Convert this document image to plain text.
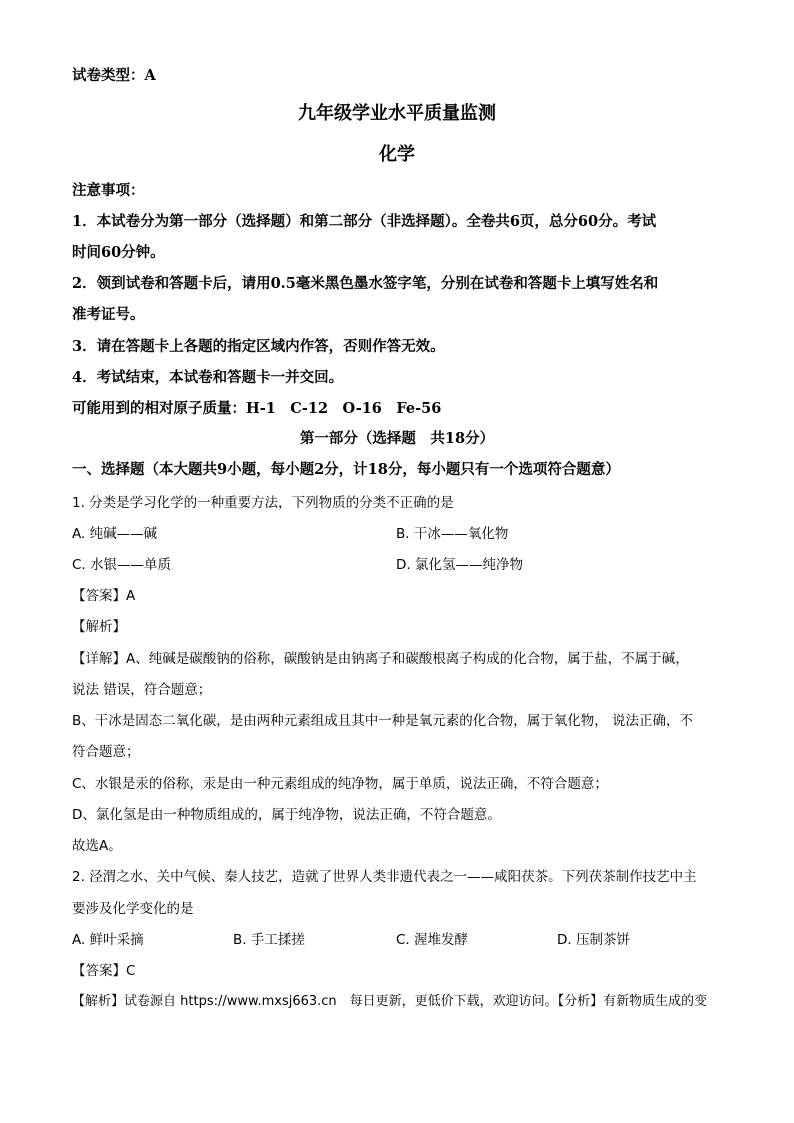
试卷类型：A
九年级学业水平质量监测
化学
注意事项：
1．本试卷分为第一部分（选择题）和第二部分（非选择题）。全卷共6页，总分60分。考试
时间60分钟。
2．领到试卷和答题卡后，请用0.5毫米黑色墨水签字笔，分别在试卷和答题卡上填写姓名和
准考证号。
3．请在答题卡上各题的指定区域内作答，否则作答无效。
4．考试结束，本试卷和答题卡一并交回。
可能用到的相对原子质量：H-1　C-12　O-16　Fe-56
第一部分（选择题　共18分）
一、选择题（本大题共9小题，每小题2分，计18分，每小题只有一个选项符合题意）
1. 分类是学习化学的一种重要方法，下列物质的分类不正确的是
A. 纯碱——碱	B. 干冰——氧化物
C. 水银——单质	D. 氯化氢——纯净物
【答案】A
【解析】
【详解】A、纯碱是碳酸钠的俗称，碳酸钠是由钠离子和碳酸根离子构成的化合物，属于盐，不属于碱，
说法 错误，符合题意；
B、干冰是固态二氧化碳，是由两种元素组成且其中一种是氧元素的化合物，属于氧化物， 说法正确，不
符合题意；
C、水银是汞的俗称，汞是由一种元素组成的纯净物，属于单质，说法正确，不符合题意；
D、氯化氢是由一种物质组成的，属于纯净物，说法正确，不符合题意。
故选A。
2. 泾渭之水、关中气候、秦人技艺，造就了世界人类非遗代表之一——咸阳茯茶。下列茯茶制作技艺中主
要涉及化学变化的是
A. 鲜叶采摘	B. 手工揉搓	C. 渥堆发酵	D. 压制茶饼
【答案】C
【解析】试卷源自 https://www.mxsj663.cn　每日更新，更低价下载，欢迎访问。【分析】有新物质生成的变
